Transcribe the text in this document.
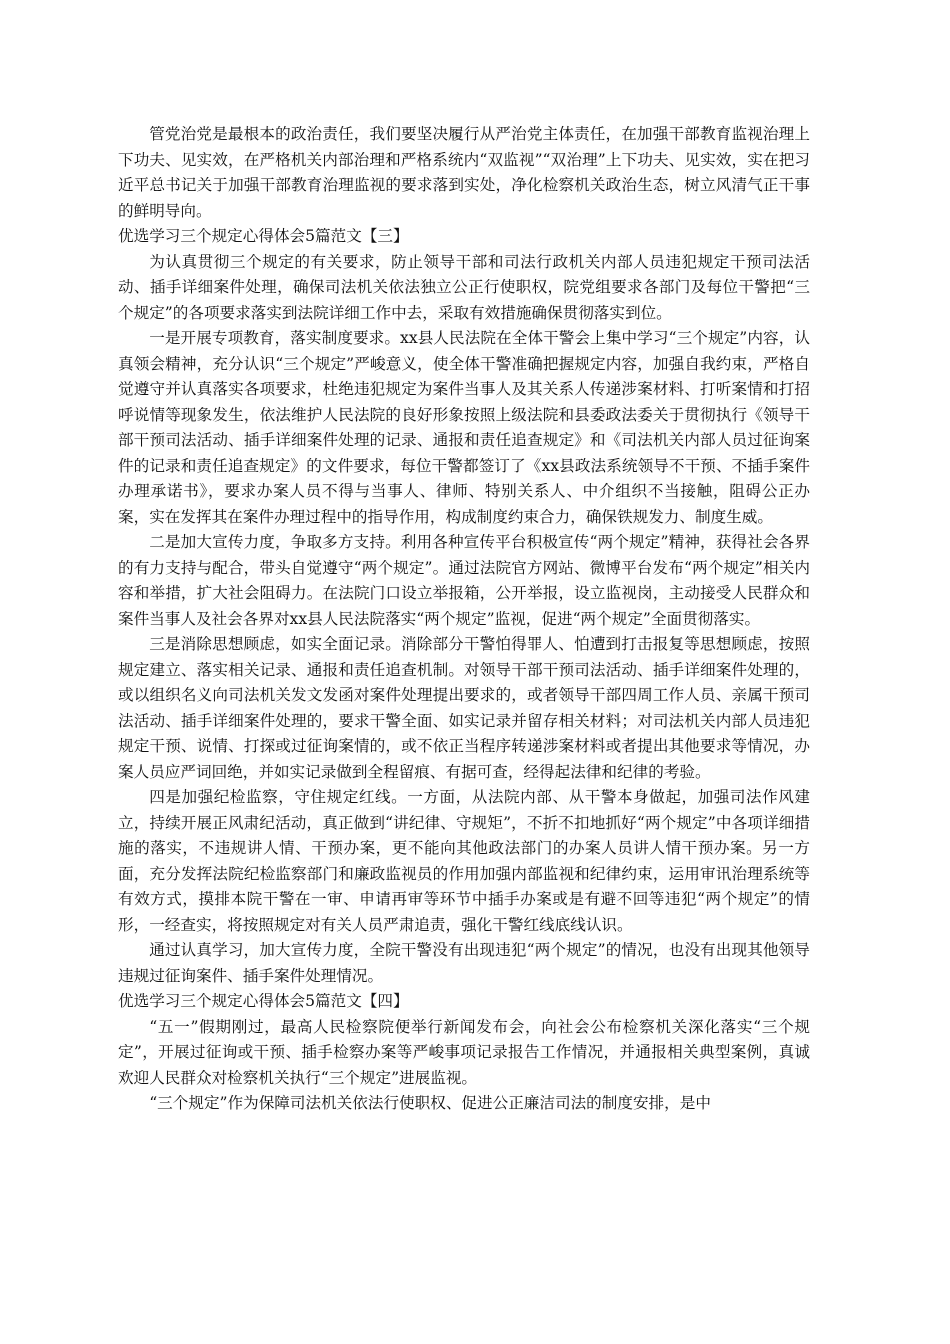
管党治党是最根本的政治责任，我们要坚决履行从严治党主体责任，在加强干部教育监视治理上下功夫、见实效，在严格机关内部治理和严格系统内“双监视”“双治理”上下功夫、见实效，实在把习近平总书记关于加强干部教育治理监视的要求落到实处，净化检察机关政治生态，树立风清气正干事的鲜明导向。

优选学习三个规定心得体会5篇范文【三】

为认真贯彻三个规定的有关要求，防止领导干部和司法行政机关内部人员违犯规定干预司法活动、插手详细案件处理，确保司法机关依法独立公正行使职权，院党组要求各部门及每位干警把“三个规定”的各项要求落实到法院详细工作中去，采取有效措施确保贯彻落实到位。

一是开展专项教育，落实制度要求。xx县人民法院在全体干警会上集中学习“三个规定”内容，认真领会精神，充分认识“三个规定”严峻意义，使全体干警准确把握规定内容，加强自我约束，严格自觉遵守并认真落实各项要求，杜绝违犯规定为案件当事人及其关系人传递涉案材料、打听案情和打招呼说情等现象发生，依法维护人民法院的良好形象按照上级法院和县委政法委关于贯彻执行《领导干部干预司法活动、插手详细案件处理的记录、通报和责任追查规定》和《司法机关内部人员过征询案件的记录和责任追查规定》的文件要求，每位干警都签订了《xx县政法系统领导不干预、不插手案件办理承诺书》，要求办案人员不得与当事人、律师、特别关系人、中介组织不当接触，阻碍公正办案，实在发挥其在案件办理过程中的指导作用，构成制度约束合力，确保铁规发力、制度生威。

二是加大宣传力度，争取多方支持。利用各种宣传平台积极宣传“两个规定”精神，获得社会各界的有力支持与配合，带头自觉遵守“两个规定”。通过法院官方网站、微博平台发布“两个规定”相关内容和举措，扩大社会阻碍力。在法院门口设立举报箱，公开举报，设立监视岗，主动接受人民群众和案件当事人及社会各界对xx县人民法院落实“两个规定”监视，促进“两个规定”全面贯彻落实。

三是消除思想顾虑，如实全面记录。消除部分干警怕得罪人、怕遭到打击报复等思想顾虑，按照规定建立、落实相关记录、通报和责任追查机制。对领导干部干预司法活动、插手详细案件处理的，或以组织名义向司法机关发文发函对案件处理提出要求的，或者领导干部四周工作人员、亲属干预司法活动、插手详细案件处理的，要求干警全面、如实记录并留存相关材料；对司法机关内部人员违犯规定干预、说情、打探或过征询案情的，或不依正当程序转递涉案材料或者提出其他要求等情况，办案人员应严词回绝，并如实记录做到全程留痕、有据可查，经得起法律和纪律的考验。

四是加强纪检监察，守住规定红线。一方面，从法院内部、从干警本身做起，加强司法作风建立，持续开展正风肃纪活动，真正做到“讲纪律、守规矩”，不折不扣地抓好“两个规定”中各项详细措施的落实，不违规讲人情、干预办案，更不能向其他政法部门的办案人员讲人情干预办案。另一方面，充分发挥法院纪检监察部门和廉政监视员的作用加强内部监视和纪律约束，运用审讯治理系统等有效方式，摸排本院干警在一审、申请再审等环节中插手办案或是有避不回等违犯“两个规定”的情形，一经查实，将按照规定对有关人员严肃追责，强化干警红线底线认识。

通过认真学习，加大宣传力度，全院干警没有出现违犯“两个规定”的情况，也没有出现其他领导违规过征询案件、插手案件处理情况。

优选学习三个规定心得体会5篇范文【四】

“五一”假期刚过，最高人民检察院便举行新闻发布会，向社会公布检察机关深化落实“三个规定”，开展过征询或干预、插手检察办案等严峻事项记录报告工作情况，并通报相关典型案例，真诚欢迎人民群众对检察机关执行“三个规定”进展监视。

“三个规定”作为保障司法机关依法行使职权、促进公正廉洁司法的制度安排，是中
